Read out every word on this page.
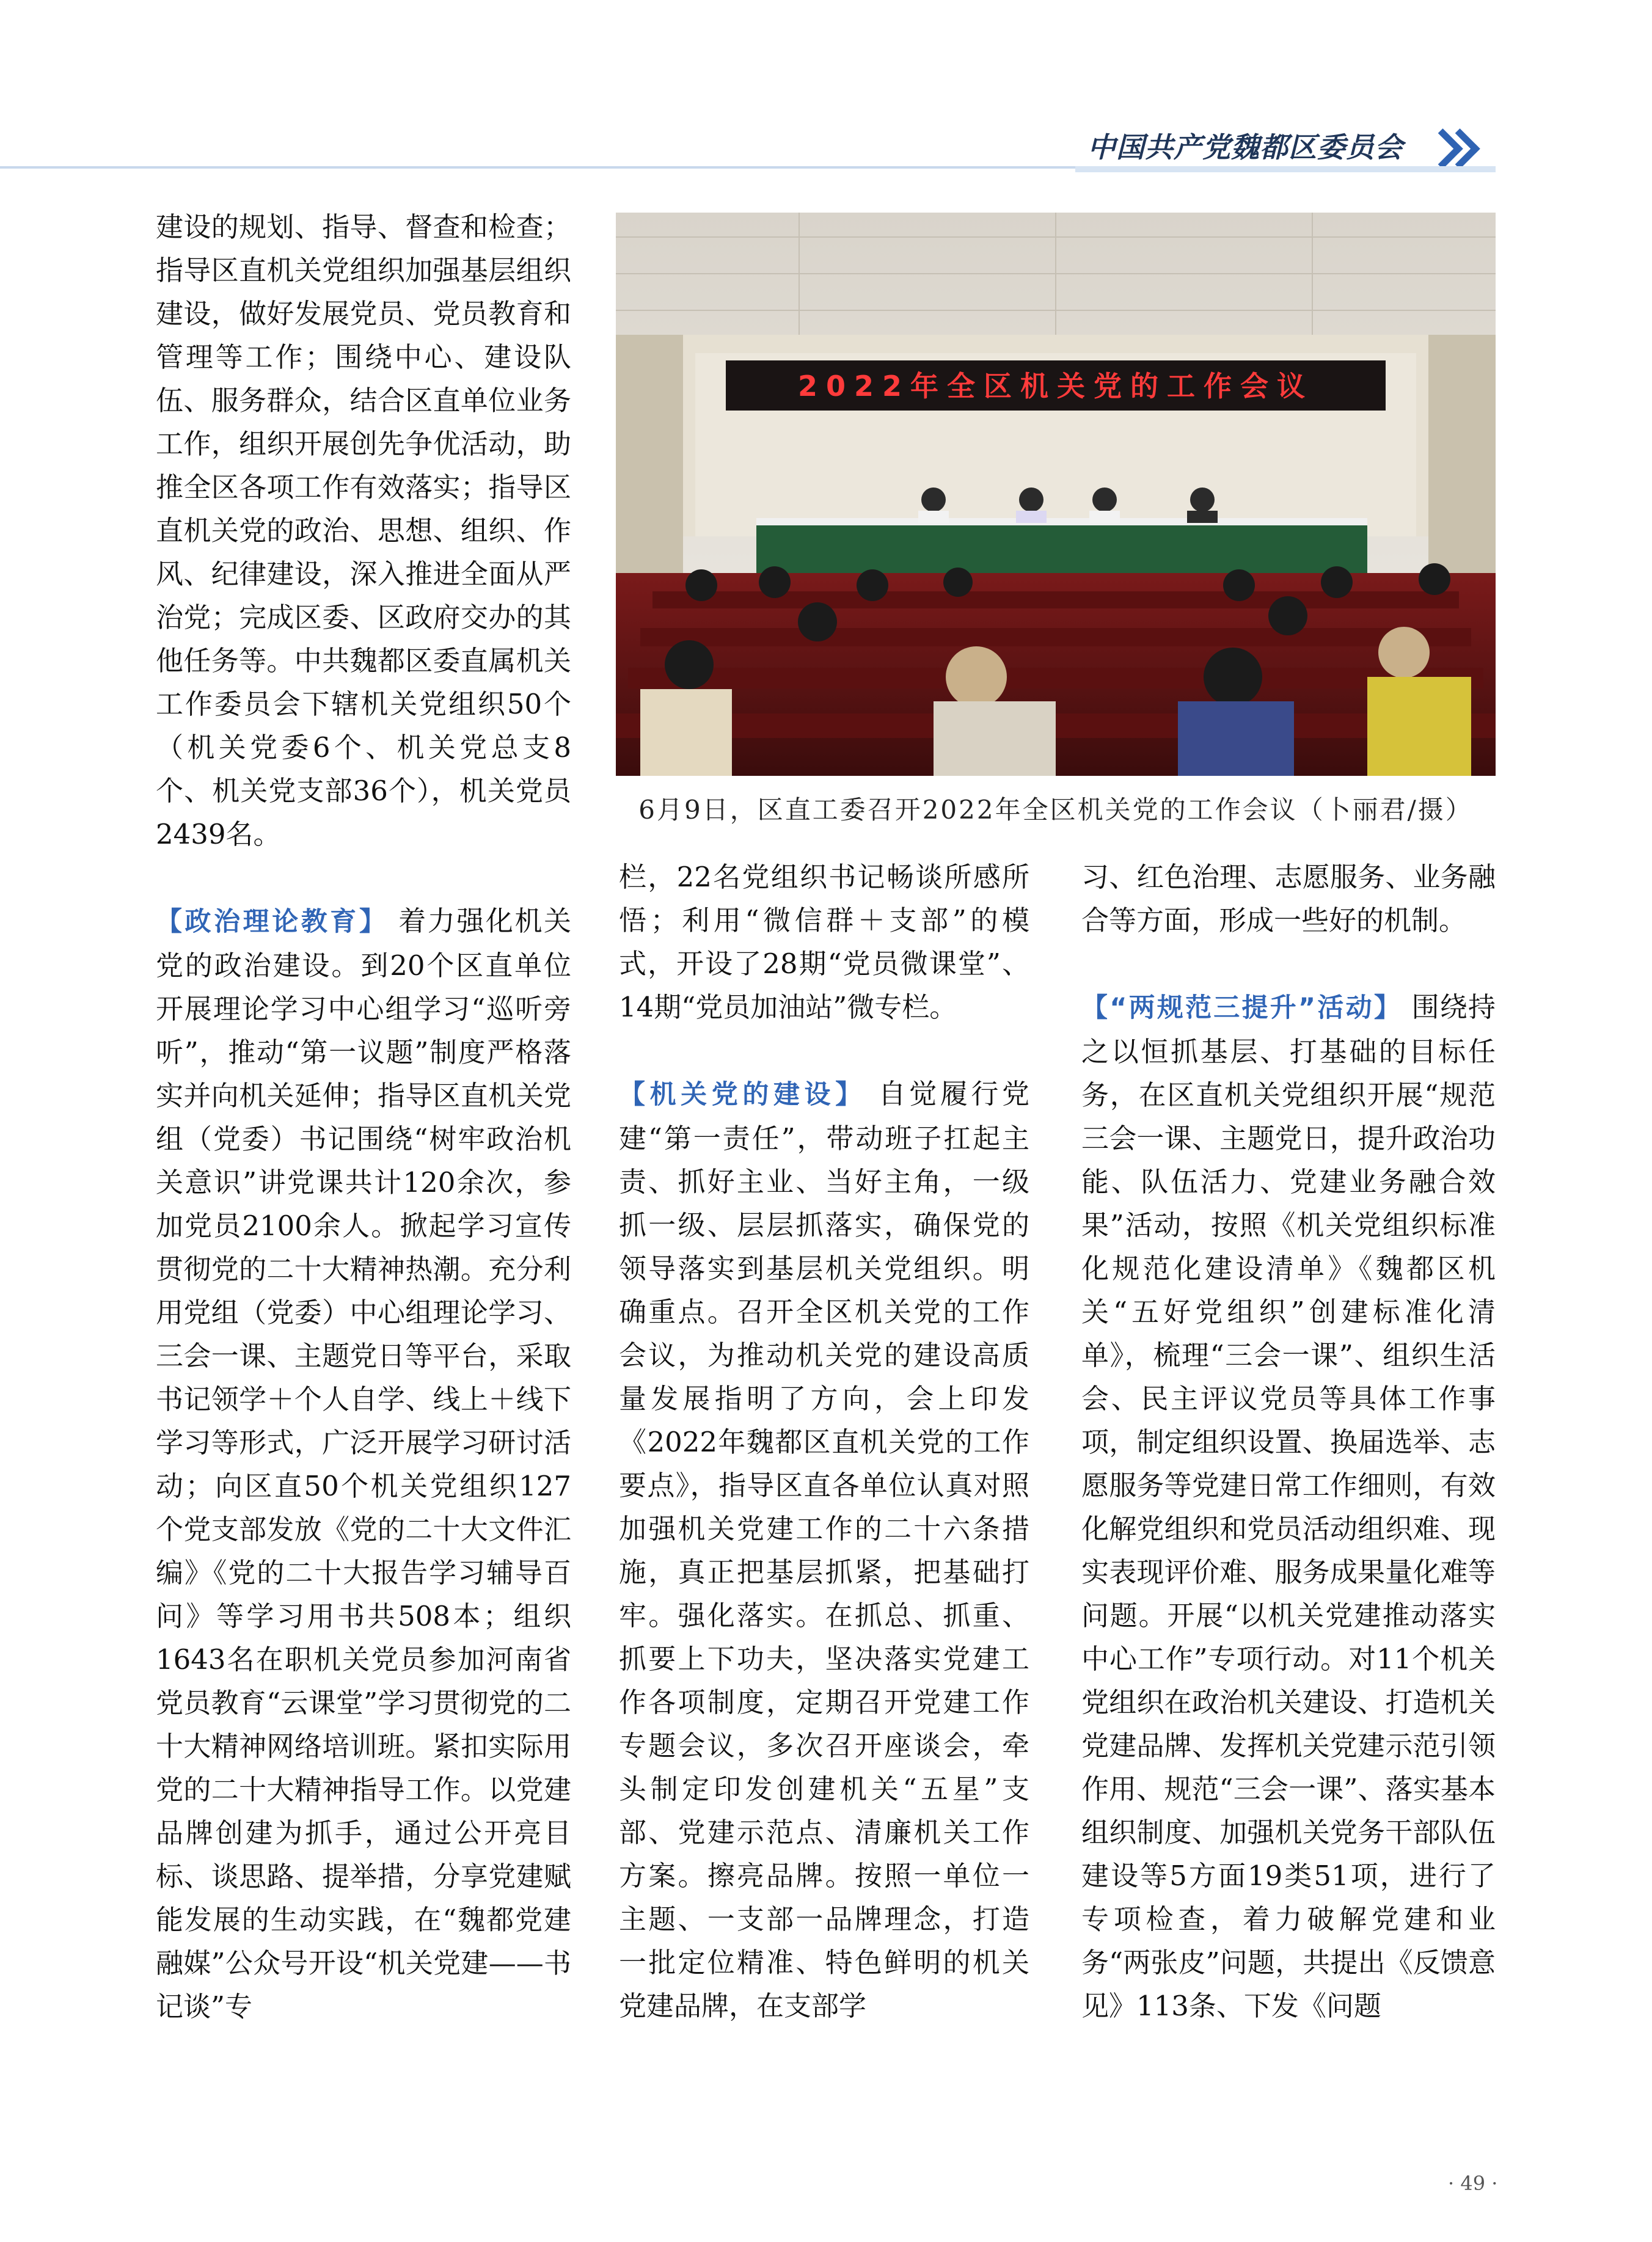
中国共产党魏都区委员会

建设的规划、指导、督查和检查；指导区直机关党组织加强基层组织建设，做好发展党员、党员教育和管理等工作；围绕中心、建设队伍、服务群众，结合区直单位业务工作，组织开展创先争优活动，助推全区各项工作有效落实；指导区直机关党的政治、思想、组织、作风、纪律建设，深入推进全面从严治党；完成区委、区政府交办的其他任务等。中共魏都区委直属机关工作委员会下辖机关党组织50个（机关党委6个、机关党总支8个、机关党支部36个），机关党员2439名。

【政治理论教育】 着力强化机关党的政治建设。到20个区直单位开展理论学习中心组学习“巡听旁听”，推动“第一议题”制度严格落实并向机关延伸；指导区直机关党组（党委）书记围绕“树牢政治机关意识”讲党课共计120余次，参加党员2100余人。掀起学习宣传贯彻党的二十大精神热潮。充分利用党组（党委）中心组理论学习、三会一课、主题党日等平台，采取书记领学＋个人自学、线上＋线下学习等形式，广泛开展学习研讨活动；向区直50个机关党组织127个党支部发放《党的二十大文件汇编》《党的二十大报告学习辅导百问》等学习用书共508本；组织1643名在职机关党员参加河南省党员教育“云课堂”学习贯彻党的二十大精神网络培训班。紧扣实际用党的二十大精神指导工作。以党建品牌创建为抓手，通过公开亮目标、谈思路、提举措，分享党建赋能发展的生动实践，在“魏都党建融媒”公众号开设“机关党建——书记谈”专

2022年全区机关党的工作会议
6月9日，区直工委召开2022年全区机关党的工作会议（卜丽君/摄）

栏，22名党组织书记畅谈所感所悟；利用“微信群＋支部”的模式，开设了28期“党员微课堂”、14期“党员加油站”微专栏。

【机关党的建设】 自觉履行党建“第一责任”，带动班子扛起主责、抓好主业、当好主角，一级抓一级、层层抓落实，确保党的领导落实到基层机关党组织。明确重点。召开全区机关党的工作会议，为推动机关党的建设高质量发展指明了方向，会上印发《2022年魏都区直机关党的工作要点》，指导区直各单位认真对照加强机关党建工作的二十六条措施，真正把基层抓紧，把基础打牢。强化落实。在抓总、抓重、抓要上下功夫，坚决落实党建工作各项制度，定期召开党建工作专题会议，多次召开座谈会，牵头制定印发创建机关“五星”支部、党建示范点、清廉机关工作方案。擦亮品牌。按照一单位一主题、一支部一品牌理念，打造一批定位精准、特色鲜明的机关党建品牌，在支部学

习、红色治理、志愿服务、业务融合等方面，形成一些好的机制。

【“两规范三提升”活动】 围绕持之以恒抓基层、打基础的目标任务，在区直机关党组织开展“规范三会一课、主题党日，提升政治功能、队伍活力、党建业务融合效果”活动，按照《机关党组织标准化规范化建设清单》《魏都区机关“五好党组织”创建标准化清单》，梳理“三会一课”、组织生活会、民主评议党员等具体工作事项，制定组织设置、换届选举、志愿服务等党建日常工作细则，有效化解党组织和党员活动组织难、现实表现评价难、服务成果量化难等问题。开展“以机关党建推动落实中心工作”专项行动。对11个机关党组织在政治机关建设、打造机关党建品牌、发挥机关党建示范引领作用、规范“三会一课”、落实基本组织制度、加强机关党务干部队伍建设等5方面19类51项，进行了专项检查，着力破解党建和业务“两张皮”问题，共提出《反馈意见》113条、下发《问题

· 49 ·
